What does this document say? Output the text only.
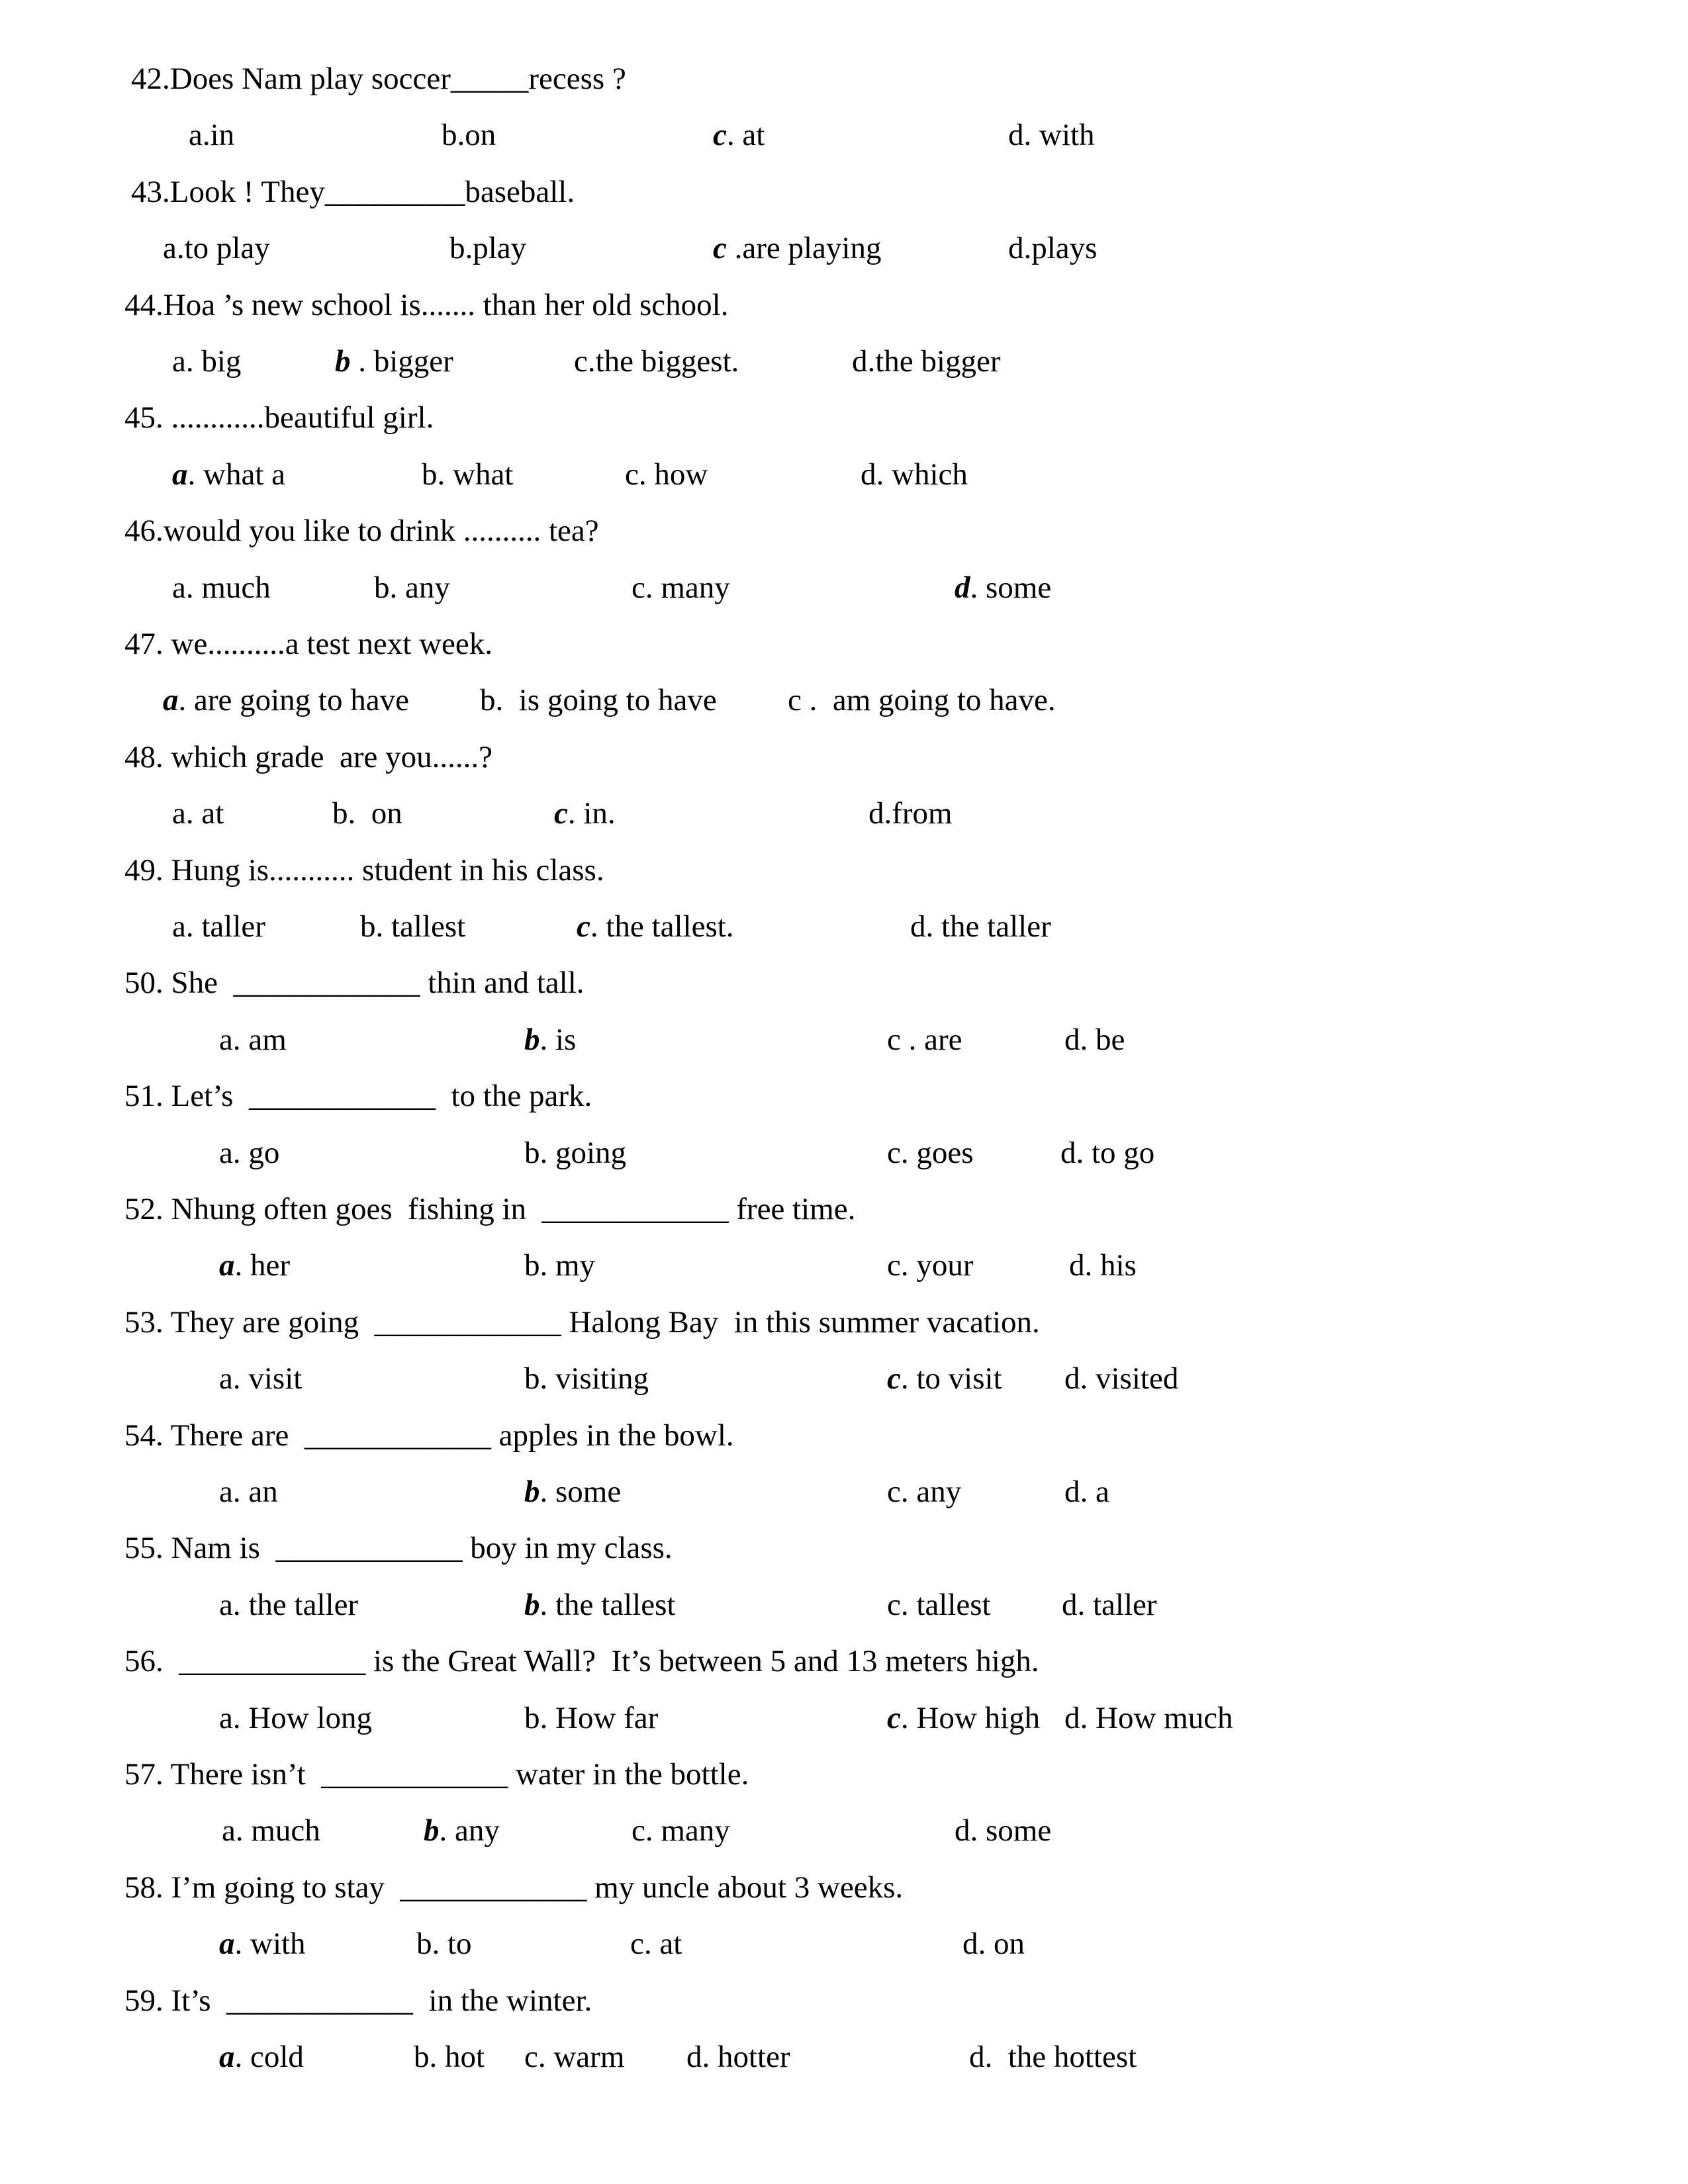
42.Does Nam play soccer_____recess ?
a.in	b.on	c. at	d. with
43.Look ! They_________baseball.
a.to play	b.play	c .are playing	d.plays
44.Hoa ’s new school is....... than her old school.
a. big	b . bigger	c.the biggest.	d.the bigger
45. ............beautiful girl.
a. what a	b. what	c. how	d. which
46.would you like to drink .......... tea?
a. much	b. any	c. many	d. some
47. we..........a test next week.
a. are going to have b.  is going to have c .  am going to have.
48. which grade  are you......?
a. at	b.  on	c. in.	d.from
49. Hung is........... student in his class.
a. taller	b. tallest	c. the tallest.	d. the taller
50. She  ____________ thin and tall.
a. am	b. is	c . are	d. be
51. Let’s  ____________  to the park.
a. go	b. going	c. goes	d. to go
52. Nhung often goes  fishing in  ____________ free time.
a. her	b. my	c. your	d. his
53. They are going  ____________ Halong Bay  in this summer vacation.
a. visit	b. visiting	c. to visit d. visited
54. There are  ____________ apples in the bowl.
a. an	b. some	c. any	d. a
55. Nam is  ____________ boy in my class.
a. the taller	b. the tallest	c. tallest d. taller
56.  ____________ is the Great Wall?  It’s between 5 and 13 meters high.
a. How long	b. How far	c. How high d. How much
57. There isn’t  ____________ water in the bottle.
a. much	b. any	c. many	d. some
58. I’m going to stay  ____________ my uncle about 3 weeks.
a. with	b. to	c. at	d. on
59. It’s  ____________  in the winter.
a. cold	b. hot c. warm d. hotter	d.  the hottest
